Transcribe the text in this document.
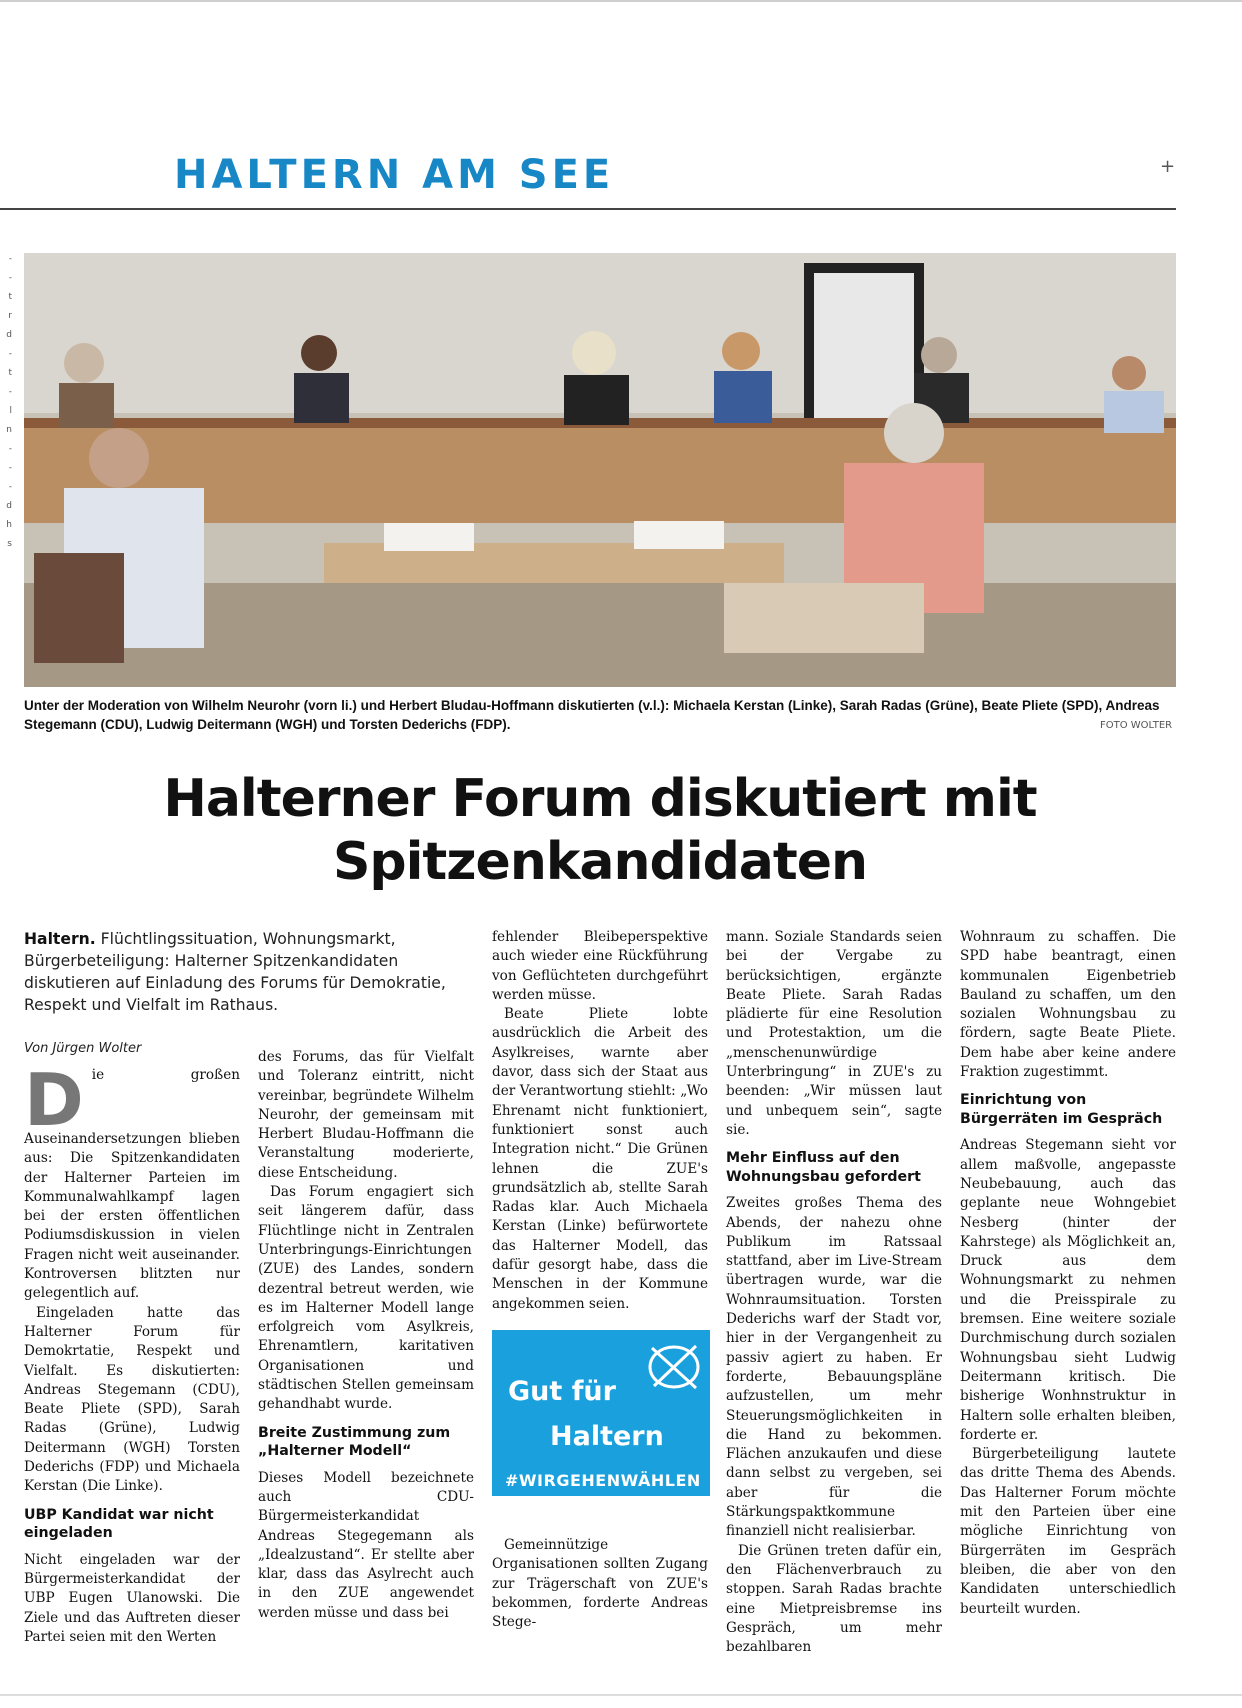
HALTERN AM SEE	+
-
-
t
r
d
-
t
-
l
n
-
-
-
d
h
s
Unter der Moderation von Wilhelm Neurohr (vorn li.) und Herbert Bludau-Hoffmann diskutierten (v.l.): Michaela Kerstan (Linke), Sarah Radas (Grüne), Beate Pliete (SPD), Andreas Stegemann (CDU), Ludwig Deitermann (WGH) und Torsten Dederichs (FDP).	FOTO WOLTER
Halterner Forum diskutiert mit
Spitzenkandidaten
Haltern. Flüchtlingssituation, Wohnungsmarkt, Bürgerbeteiligung: Halterner Spitzenkandidaten diskutieren auf Einladung des Forums für Demokratie, Respekt und Vielfalt im Rathaus.
Von Jürgen Wolter

Die großen Auseinandersetzungen blieben aus: Die Spitzenkandidaten der Halterner Parteien im Kommunalwahlkampf lagen bei der ersten öffentlichen Podiumsdiskussion in vielen Fragen nicht weit auseinander. Kontroversen blitzten nur gelegentlich auf.

Eingeladen hatte das Halterner Forum für Demokrtatie, Respekt und Vielfalt. Es diskutierten: Andreas Stegemann (CDU), Beate Pliete (SPD), Sarah Radas (Grüne), Ludwig Deitermann (WGH) Torsten Dederichs (FDP) und Michaela Kerstan (Die Linke).

UBP Kandidat war nicht eingeladen

Nicht eingeladen war der Bürgermeisterkandidat der UBP Eugen Ulanowski. Die Ziele und das Auftreten dieser Partei seien mit den Werten

des Forums, das für Vielfalt und Toleranz eintritt, nicht vereinbar, begründete Wilhelm Neurohr, der gemeinsam mit Herbert Bludau-Hoffmann die Veranstaltung moderierte, diese Entscheidung.

Das Forum engagiert sich seit längerem dafür, dass Flüchtlinge nicht in Zentralen Unterbringungs-Einrichtungen (ZUE) des Landes, sondern dezentral betreut werden, wie es im Halterner Modell lange erfolgreich vom Asylkreis, Ehrenamtlern, karitativen Organisationen und städtischen Stellen gemeinsam gehandhabt wurde.

Breite Zustimmung zum „Halterner Modell“

Dieses Modell bezeichnete auch CDU-Bürgermeisterkandidat Andreas Stegegemann als „Idealzustand“. Er stellte aber klar, dass das Asylrecht auch in den ZUE angewendet werden müsse und dass bei

fehlender Bleibeperspektive auch wieder eine Rückführung von Geflüchteten durchgeführt werden müsse.

Beate Pliete lobte ausdrücklich die Arbeit des Asylkreises, warnte aber davor, dass sich der Staat aus der Verantwortung stiehlt: „Wo Ehrenamt nicht funktioniert, funktioniert sonst auch Integration nicht.“ Die Grünen lehnen die ZUE's grundsätzlich ab, stellte Sarah Radas klar. Auch Michaela Kerstan (Linke) befürwortete das Halterner Modell, das dafür gesorgt habe, dass die Menschen in der Kommune angekommen seien.

Gemeinnützige Organisationen sollten Zugang zur Trägerschaft von ZUE's bekommen, forderte Andreas Stege-

Gut für
Haltern
#WIRGEHENWÄHLEN

mann. Soziale Standards seien bei der Vergabe zu berücksichtigen, ergänzte Beate Pliete. Sarah Radas plädierte für eine Resolution und Protestaktion, um die „menschenunwürdige Unterbringung“ in ZUE's zu beenden: „Wir müssen laut und unbequem sein“, sagte sie.

Mehr Einfluss auf den Wohnungsbau gefordert

Zweites großes Thema des Abends, der nahezu ohne Publikum im Ratssaal stattfand, aber im Live-Stream übertragen wurde, war die Wohnraumsituation. Torsten Dederichs warf der Stadt vor, hier in der Vergangenheit zu passiv agiert zu haben. Er forderte, Bebauungspläne aufzustellen, um mehr Steuerungsmöglichkeiten in die Hand zu bekommen. Flächen anzukaufen und diese dann selbst zu vergeben, sei aber für die Stärkungspaktkommune finanziell nicht realisierbar.

Die Grünen treten dafür ein, den Flächenverbrauch zu stoppen. Sarah Radas brachte eine Mietpreisbremse ins Gespräch, um mehr bezahlbaren

Wohnraum zu schaffen. Die SPD habe beantragt, einen kommunalen Eigenbetrieb Bauland zu schaffen, um den sozialen Wohnungsbau zu fördern, sagte Beate Pliete. Dem habe aber keine andere Fraktion zugestimmt.

Einrichtung von Bürgerräten im Gespräch

Andreas Stegemann sieht vor allem maßvolle, angepasste Neubebauung, auch das geplante neue Wohngebiet Nesberg (hinter der Kahrstege) als Möglichkeit an, Druck aus dem Wohnungsmarkt zu nehmen und die Preisspirale zu bremsen. Eine weitere soziale Durchmischung durch sozialen Wohnungsbau sieht Ludwig Deitermann kritisch. Die bisherige Wonhnstruktur in Haltern solle erhalten bleiben, forderte er.

Bürgerbeteiligung lautete das dritte Thema des Abends. Das Halterner Forum möchte mit den Parteien über eine mögliche Einrichtung von Bürgerräten im Gespräch bleiben, die aber von den Kandidaten unterschiedlich beurteilt wurden.
